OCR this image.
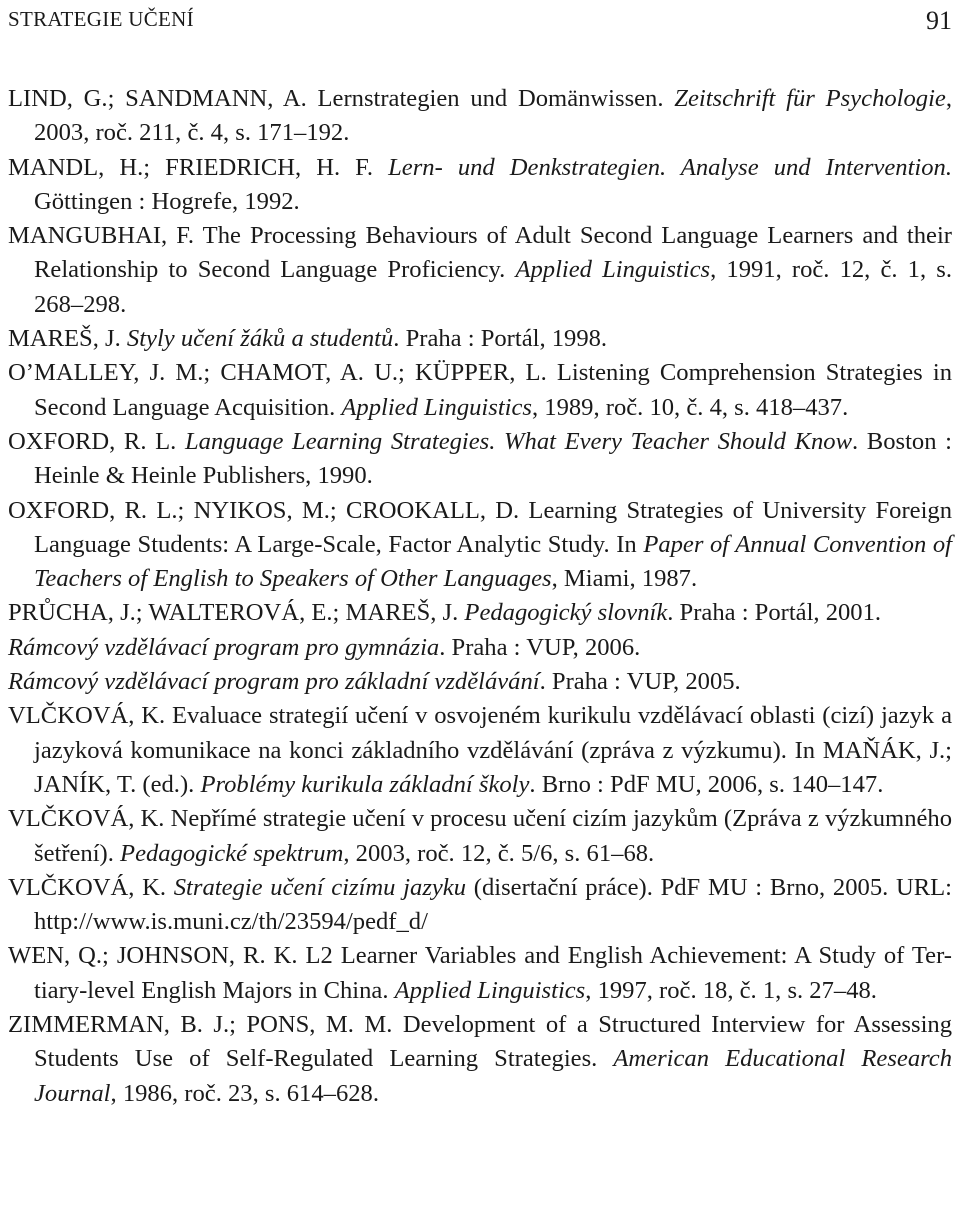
STRATEGIE UČENÍ	91
LIND, G.; SANDMANN, A. Lernstrategien und Domänwissen. Zeitschrift für Psychologie, 2003, roč. 211, č. 4, s. 171–192.
MANDL, H.; FRIEDRICH, H. F. Lern- und Denkstrategien. Analyse und Intervention. Göttingen : Hogrefe, 1992.
MANGUBHAI, F. The Processing Behaviours of Adult Second Language Learners and their Relationship to Second Language Proficiency. Applied Linguistics, 1991, roč. 12, č. 1, s. 268–298.
MAREŠ, J. Styly učení žáků a studentů. Praha : Portál, 1998.
O’MALLEY, J. M.; CHAMOT, A. U.; KÜPPER, L. Listening Comprehension Strategies in Second Language Acquisition. Applied Linguistics, 1989, roč. 10, č. 4, s. 418–437.
OXFORD, R. L. Language Learning Strategies. What Every Teacher Should Know. Boston : Heinle & Heinle Publishers, 1990.
OXFORD, R. L.; NYIKOS, M.; CROOKALL, D. Learning Strategies of University Foreign Language Students: A Large-Scale, Factor Analytic Study. In Paper of Annual Convention of Teachers of English to Speakers of Other Languages, Miami, 1987.
PRŮCHA, J.; WALTEROVÁ, E.; MAREŠ, J. Pedagogický slovník. Praha : Portál, 2001.
Rámcový vzdělávací program pro gymnázia. Praha : VUP, 2006.
Rámcový vzdělávací program pro základní vzdělávání. Praha : VUP, 2005.
VLČKOVÁ, K. Evaluace strategií učení v osvojeném kurikulu vzdělávací oblasti (cizí) jazyk a jazyková komunikace na konci základního vzdělávání (zpráva z výzkumu). In MAŇÁK, J.; JANÍK, T. (ed.). Problémy kurikula základní školy. Brno : PdF MU, 2006, s. 140–147.
VLČKOVÁ, K. Nepřímé strategie učení v procesu učení cizím jazykům (Zpráva z výzkumného šetření). Pedagogické spektrum, 2003, roč. 12, č. 5/6, s. 61–68.
VLČKOVÁ, K. Strategie učení cizímu jazyku (disertační práce). PdF MU : Brno, 2005. URL: http://www.is.muni.cz/th/23594/pedf_d/
WEN, Q.; JOHNSON, R. K. L2 Learner Variables and English Achievement: A Study of Ter-tiary-level English Majors in China. Applied Linguistics, 1997, roč. 18, č. 1, s. 27–48.
ZIMMERMAN, B. J.; PONS, M. M. Development of a Structured Interview for Assessing Students Use of Self-Regulated Learning Strategies. American Educational Research Journal, 1986, roč. 23, s. 614–628.
